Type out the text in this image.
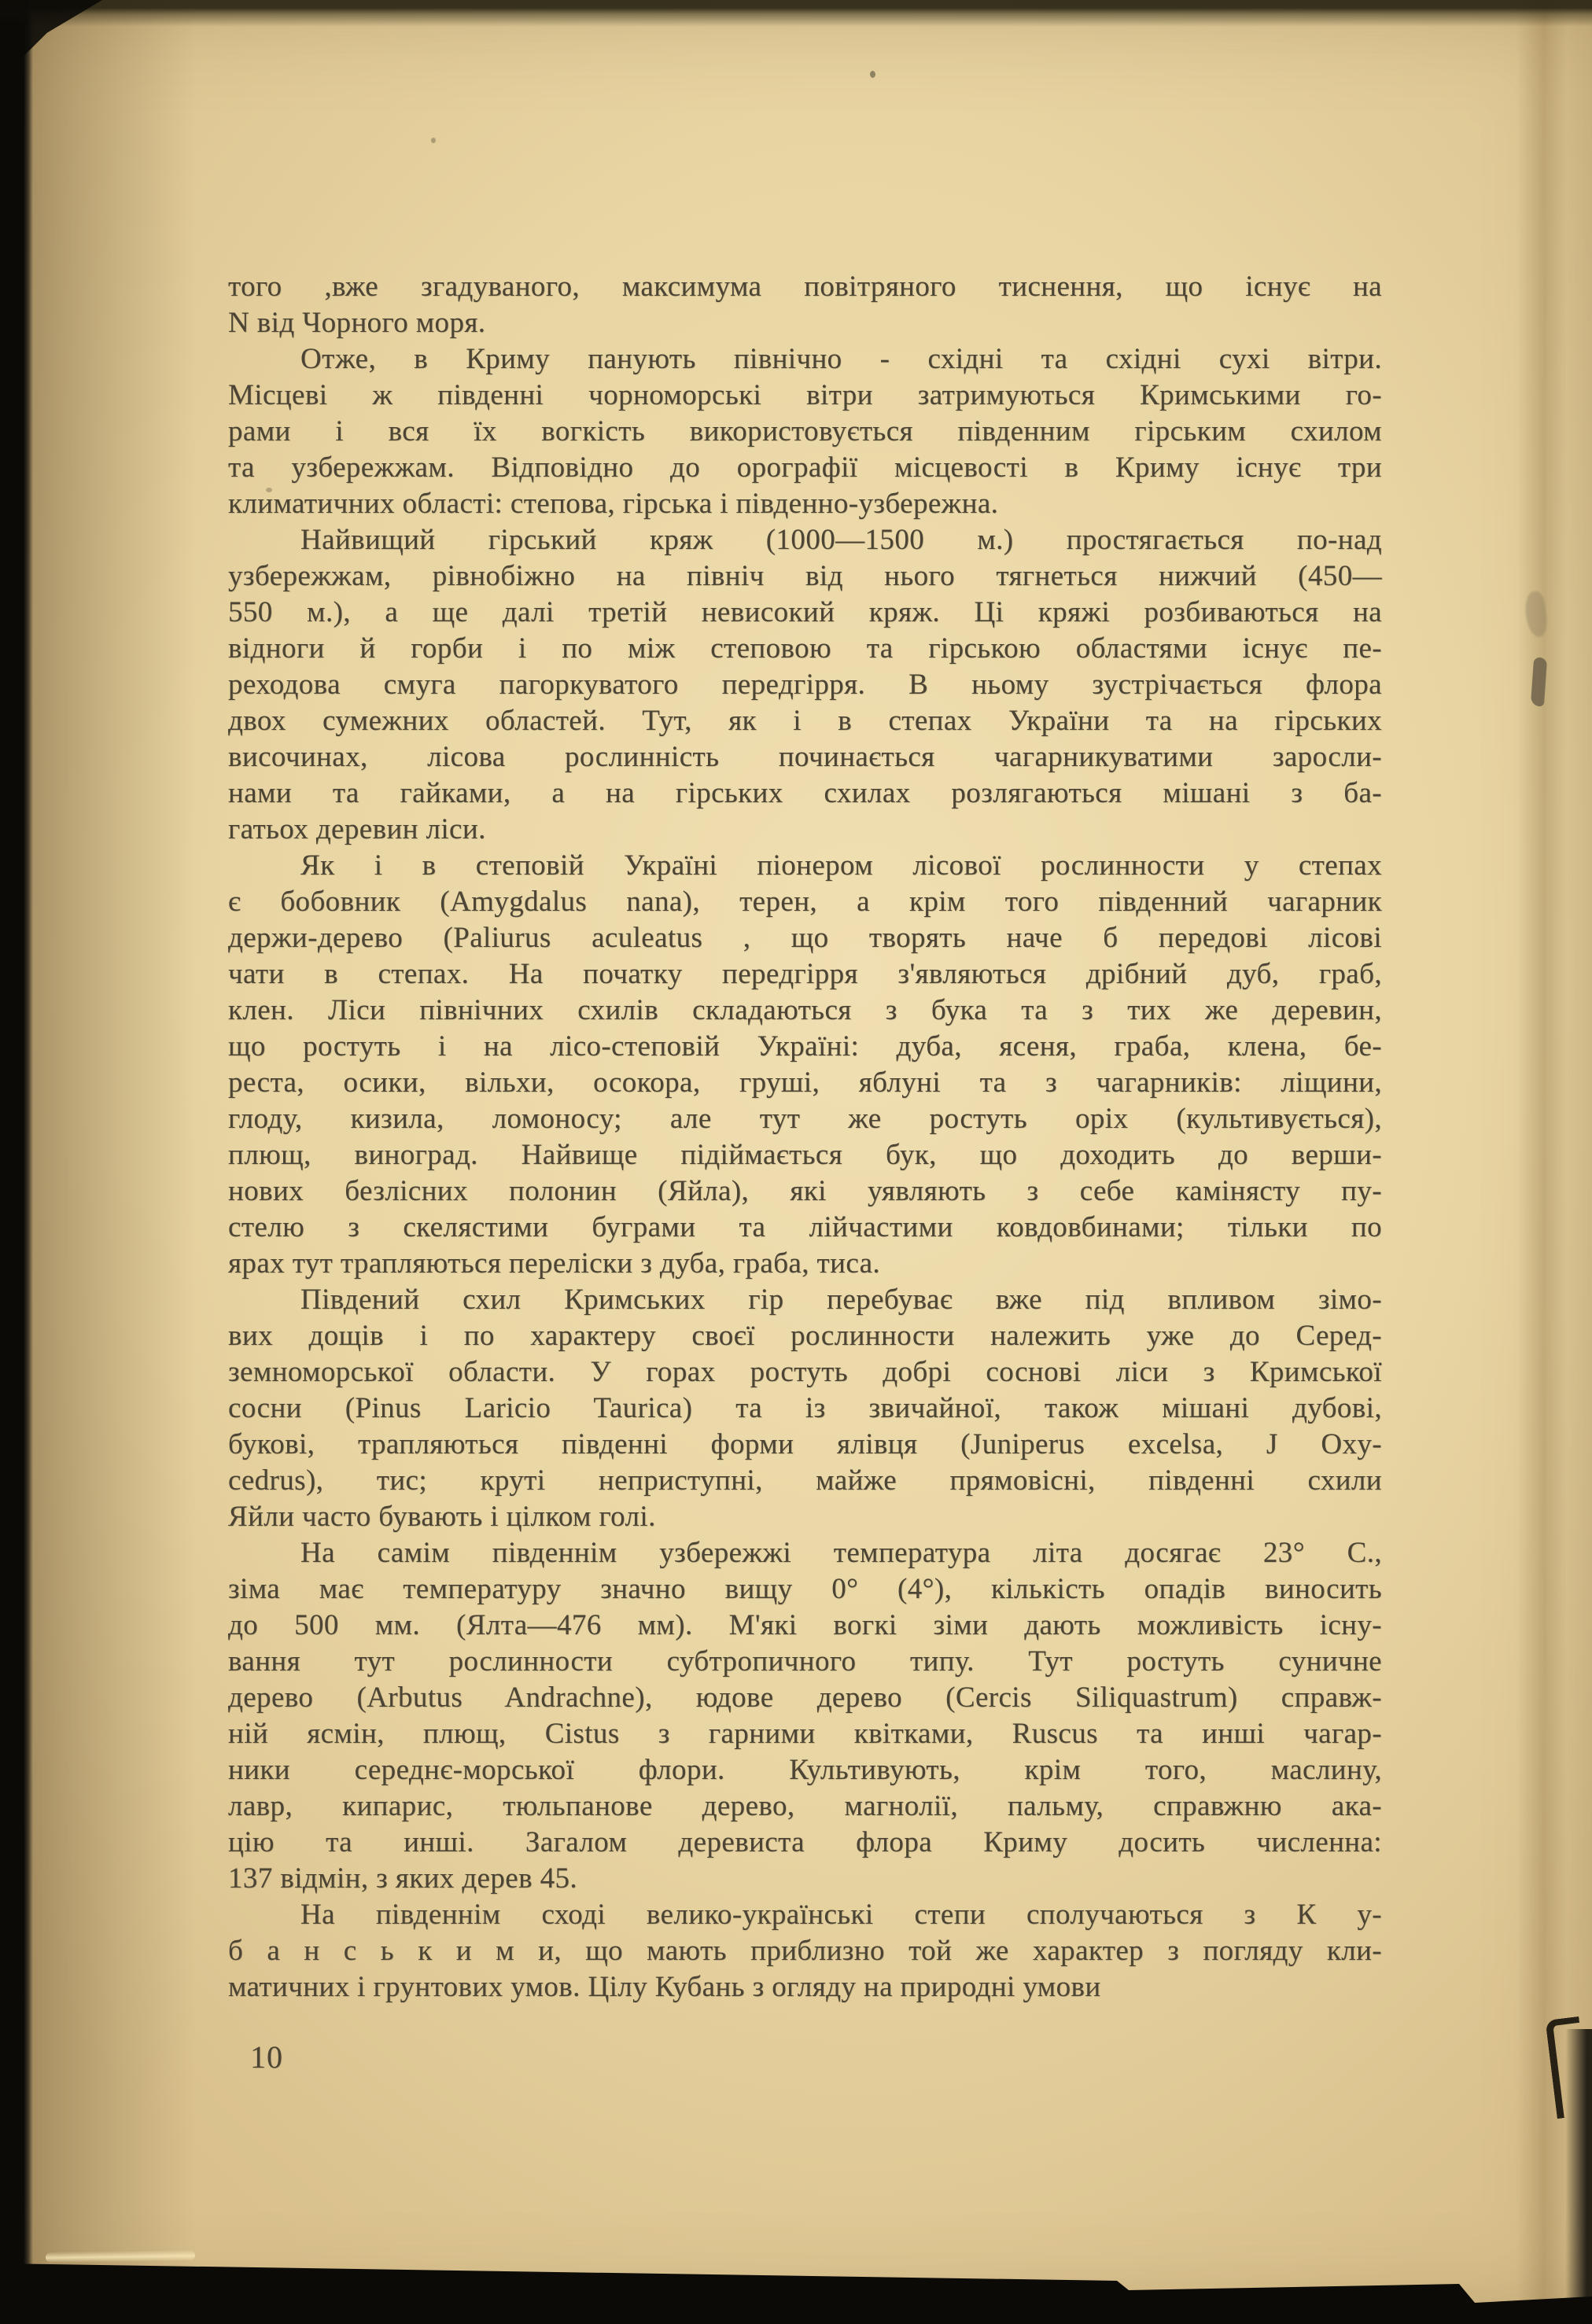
того ,вже згадуваного, максимума повітряного тиснення, що існує на
N від Чорного моря.
Отже, в Криму панують північно - східні та східні сухі вітри.
Місцеві ж південні чорноморські вітри затримуються Кримськими го-
рами і вся їх вогкість використовується південним гірським схилом
та узбережжам. Відповідно до орографії місцевості в Криму існує три
климатичних області: степова, гірська і південно-узбережна.
Найвищий гірський кряж (1000—1500 м.) простягається по-над
узбережжам, рівнобіжно на північ від нього тягнеться нижчий (450—
550 м.), а ще далі третій невисокий кряж. Ці кряжі розбиваються на
відноги й горби і по між степовою та гірською областями існує пе-
реходова смуга пагоркуватого передгірря. В ньому зустрічається флора
двох сумежних областей. Тут, як і в степах України та на гірських
височинах, лісова рослинність починається чагарникуватими заросли-
нами та гайками, а на гірських схилах розлягаються мішані з ба-
гатьох деревин ліси.
Як і в степовій Україні піонером лісової рослинности у степах
є бобовник (Amygdalus nana), терен, а крім того південний чагарник
держи-дерево (Paliurus aculeatus , що творять наче б передові лісові
чати в степах. На початку передгірря з'являються дрібний дуб, граб,
клен. Ліси північних схилів складаються з бука та з тих же деревин,
що ростуть і на лісо-степовій Україні: дуба, ясеня, граба, клена, бе-
реста, осики, вільхи, осокора, груші, яблуні та з чагарників: ліщини,
глоду, кизила, ломоносу; але тут же ростуть оріх (культивується),
плющ, виноград. Найвище підіймається бук, що доходить до верши-
нових безлісних полонин (Яйла), які уявляють з себе камінясту пу-
стелю з скелястими буграми та лійчастими ковдовбинами; тільки по
ярах тут трапляються переліски з дуба, граба, тиса.
Південий схил Кримських гір перебуває вже під впливом зімо-
вих дощів і по характеру своєї рослинности належить уже до Серед-
земноморської области. У горах ростуть добрі соснові ліси з Кримської
сосни (Pinus Laricio Taurica) та із звичайної, також мішані дубові,
букові, трапляються південні форми ялівця (Juniperus excelsa, J Oxy-
cedrus), тис; круті неприступні, майже прямовісні, південні схили
Яйли часто бувають і цілком голі.
На самім південнім узбережжі температура літа досягає 23° С.,
зіма має температуру значно вищу 0° (4°), кількість опадів виносить
до 500 мм. (Ялта—476 мм). М'які вогкі зіми дають можливість існу-
вання тут рослинности субтропичного типу. Тут ростуть суничне
дерево (Arbutus Andrachne), юдове дерево (Cercis Siliquastrum) справж-
ній ясмін, плющ, Cistus з гарними квітками, Ruscus та инші чагар-
ники середнє-морської флори. Культивують, крім того, маслину,
лавр, кипарис, тюльпанове дерево, магнолії, пальму, справжню ака-
цію та инші. Загалом деревиста флора Криму досить численна:
137 відмін, з яких дерев 45.
На південнім сході велико-українські степи сполучаються з К у-
б а н с ь к и м и, що мають приблизно той же характер з погляду кли-
матичних і грунтових умов. Цілу Кубань з огляду на природні умови
10
